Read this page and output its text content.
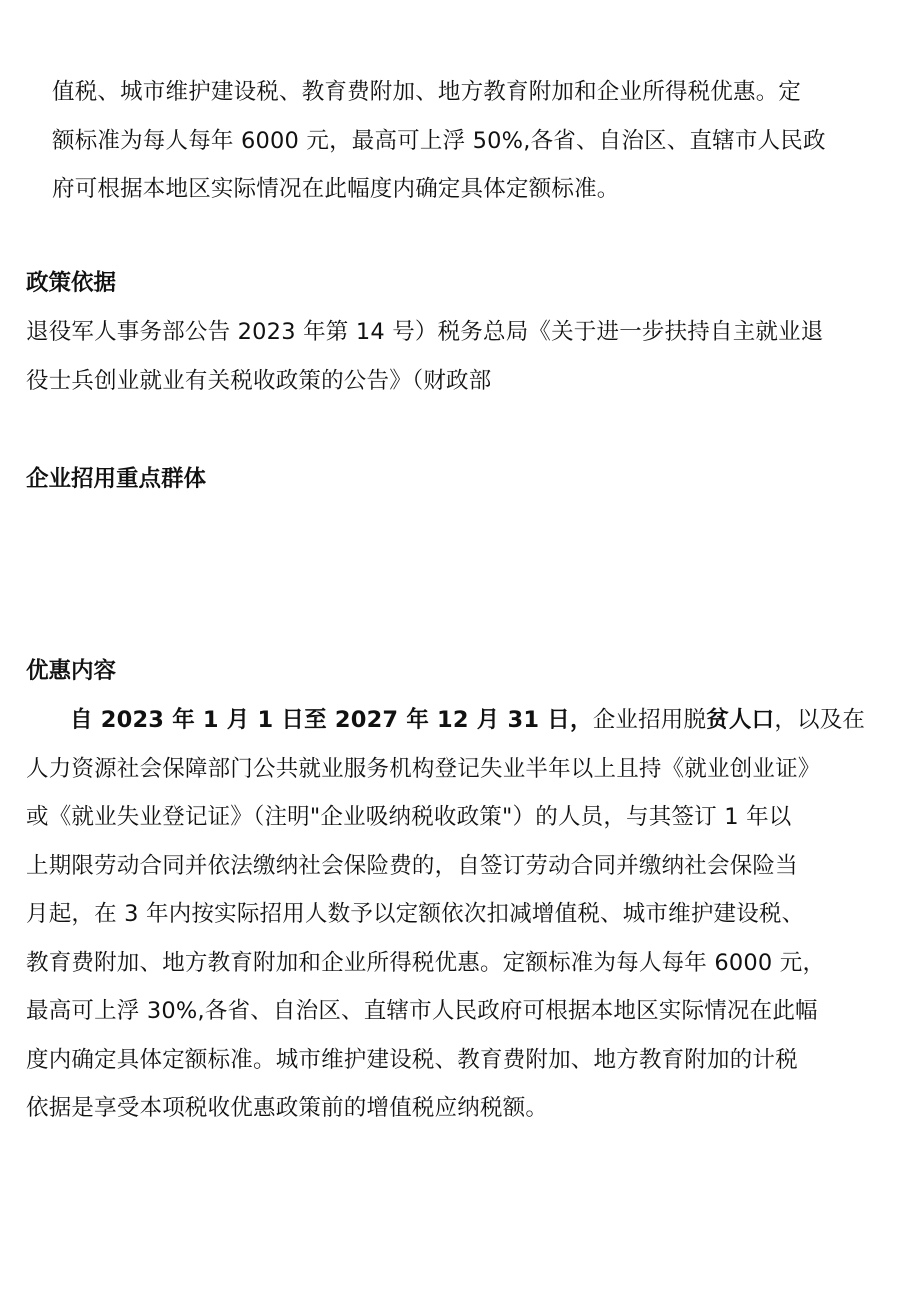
值税、城市维护建设税、教育费附加、地方教育附加和企业所得税优惠。定
额标准为每人每年 6000 元，最高可上浮 50%,各省、自治区、直辖市人民政
府可根据本地区实际情况在此幅度内确定具体定额标准。
政策依据
退役军人事务部公告 2023 年第 14 号）税务总局《关于进一步扶持自主就业退
役士兵创业就业有关税收政策的公告》（财政部
企业招用重点群体
优惠内容
自 2023 年 1 月 1 日至 2027 年 12 月 31 日，企业招用脱贫人口，以及在
人力资源社会保障部门公共就业服务机构登记失业半年以上且持《就业创业证》
或《就业失业登记证》（注明"企业吸纳税收政策"）的人员，与其签订 1 年以
上期限劳动合同并依法缴纳社会保险费的，自签订劳动合同并缴纳社会保险当
月起，在 3 年内按实际招用人数予以定额依次扣减增值税、城市维护建设税、
教育费附加、地方教育附加和企业所得税优惠。定额标准为每人每年 6000 元，
最高可上浮 30%,各省、自治区、直辖市人民政府可根据本地区实际情况在此幅
度内确定具体定额标准。城市维护建设税、教育费附加、地方教育附加的计税
依据是享受本项税收优惠政策前的增值税应纳税额。
